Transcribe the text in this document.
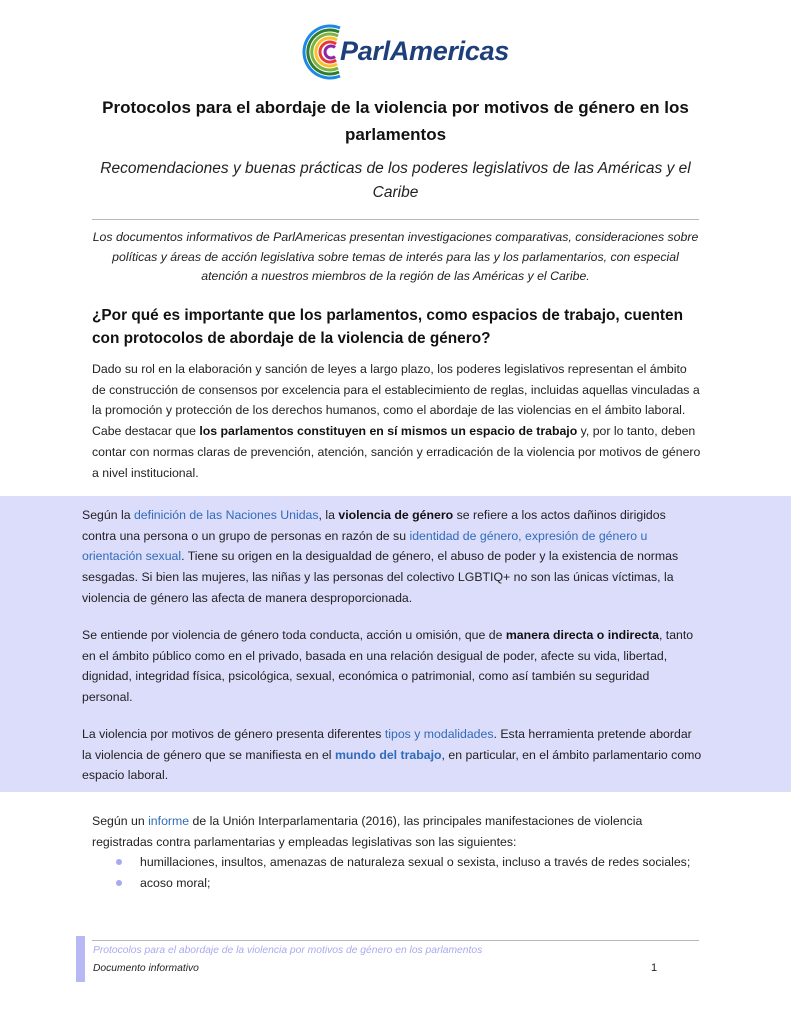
ParlAmericas
Protocolos para el abordaje de la violencia por motivos de género en los parlamentos
Recomendaciones y buenas prácticas de los poderes legislativos de las Américas y el Caribe
Los documentos informativos de ParlAmericas presentan investigaciones comparativas, consideraciones sobre políticas y áreas de acción legislativa sobre temas de interés para las y los parlamentarios, con especial atención a nuestros miembros de la región de las Américas y el Caribe.
¿Por qué es importante que los parlamentos, como espacios de trabajo, cuenten con protocolos de abordaje de la violencia de género?
Dado su rol en la elaboración y sanción de leyes a largo plazo, los poderes legislativos representan el ámbito de construcción de consensos por excelencia para el establecimiento de reglas, incluidas aquellas vinculadas a la promoción y protección de los derechos humanos, como el abordaje de las violencias en el ámbito laboral. Cabe destacar que los parlamentos constituyen en sí mismos un espacio de trabajo y, por lo tanto, deben contar con normas claras de prevención, atención, sanción y erradicación de la violencia por motivos de género a nivel institucional.

Según la definición de las Naciones Unidas, la violencia de género se refiere a los actos dañinos dirigidos contra una persona o un grupo de personas en razón de su identidad de género, expresión de género u orientación sexual. Tiene su origen en la desigualdad de género, el abuso de poder y la existencia de normas sesgadas. Si bien las mujeres, las niñas y las personas del colectivo LGBTIQ+ no son las únicas víctimas, la violencia de género las afecta de manera desproporcionada.

Se entiende por violencia de género toda conducta, acción u omisión, que de manera directa o indirecta, tanto en el ámbito público como en el privado, basada en una relación desigual de poder, afecte su vida, libertad, dignidad, integridad física, psicológica, sexual, económica o patrimonial, como así también su seguridad personal.

La violencia por motivos de género presenta diferentes tipos y modalidades. Esta herramienta pretende abordar la violencia de género que se manifiesta en el mundo del trabajo, en particular, en el ámbito parlamentario como espacio laboral.

Según un informe de la Unión Interparlamentaria (2016), las principales manifestaciones de violencia registradas contra parlamentarias y empleadas legislativas son las siguientes:
humillaciones, insultos, amenazas de naturaleza sexual o sexista, incluso a través de redes sociales;
acoso moral;
Protocolos para el abordaje de la violencia por motivos de género en los parlamentos
Documento informativo	1
